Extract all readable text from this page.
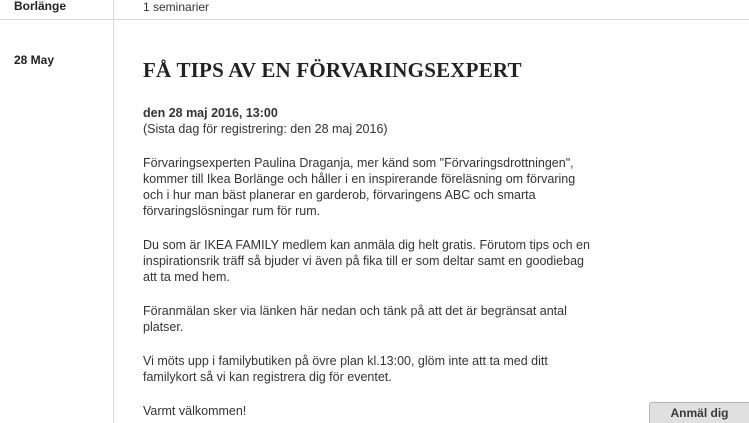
Borlänge	1 seminarier
28 May	FÅ TIPS AV EN FÖRVARINGSEXPERT

den 28 maj 2016, 13:00

(Sista dag för registrering: den 28 maj 2016)

Förvaringsexperten Paulina Draganja, mer känd som "Förvaringsdrottningen", kommer till Ikea Borlänge och håller i en inspirerande föreläsning om förvaring och i hur man bäst planerar en garderob, förvaringens ABC och smarta förvaringslösningar rum för rum.

Du som är IKEA FAMILY medlem kan anmäla dig helt gratis. Förutom tips och en inspirationsrik träff så bjuder vi även på fika till er som deltar samt en goodiebag att ta med hem.

Föranmälan sker via länken här nedan och tänk på att det är begränsat antal platser.

Vi möts upp i familybutiken på övre plan kl.13:00, glöm inte att ta med ditt familykort så vi kan registrera dig för eventet.

Varmt välkommen!	Anmäl dig
